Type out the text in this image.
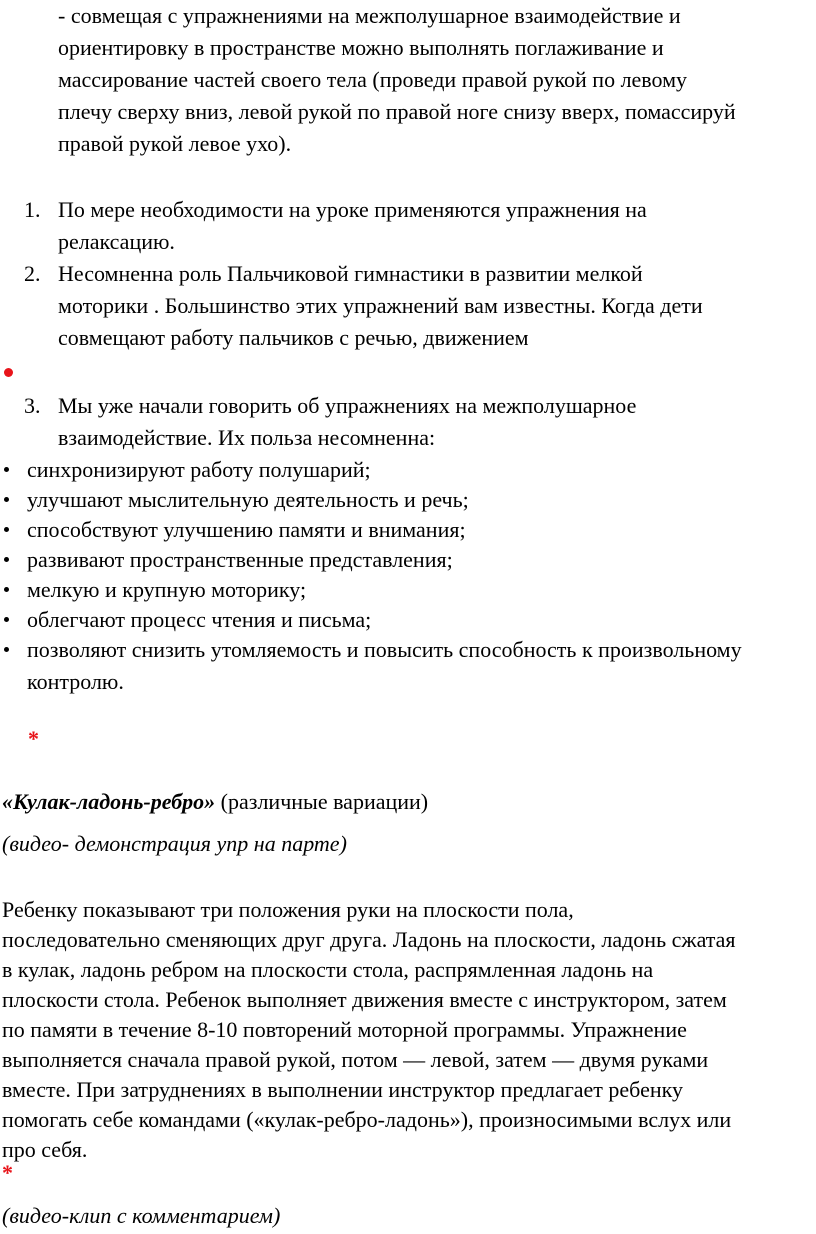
- совмещая с упражнениями на межполушарное взаимодействие и

ориентировку в пространстве можно выполнять поглаживание и

массирование частей своего тела (проведи правой рукой по левому

плечу сверху вниз, левой рукой по правой ноге снизу вверх, помассируй

правой рукой левое ухо).

1. По мере необходимости на уроке применяются упражнения на

релаксацию.

2. Несомненна роль Пальчиковой гимнастики в развитии мелкой

моторики . Большинство этих упражнений вам известны. Когда дети

совмещают работу пальчиков с речью, движением

3. Мы уже начали говорить об упражнениях на межполушарное

взаимодействие. Их польза несомненна:

синхронизируют работу полушарий;

улучшают мыслительную деятельность и речь;

способствуют улучшению памяти и внимания;

развивают пространственные представления;

мелкую и крупную моторику;

облегчают процесс чтения и письма;

позволяют снизить утомляемость и повысить способность к произвольному

контролю.

*

«Кулак-ладонь-ребро» (различные вариации)

(видео- демонстрация упр на парте)

Ребенку показывают три положения руки на плоскости пола,

последовательно сменяющих друг друга. Ладонь на плоскости, ладонь сжатая

в кулак, ладонь ребром на плоскости стола, распрямленная ладонь на

плоскости стола. Ребенок выполняет движения вместе с инструктором, затем

по памяти в течение 8-10 повторений моторной программы. Упражнение

выполняется сначала правой рукой, потом — левой, затем — двумя руками

вместе. При затруднениях в выполнении инструктор предлагает ребенку

помогать себе командами («кулак-ребро-ладонь»), произносимыми вслух или

про себя.

*

(видео-клип с комментарием)
